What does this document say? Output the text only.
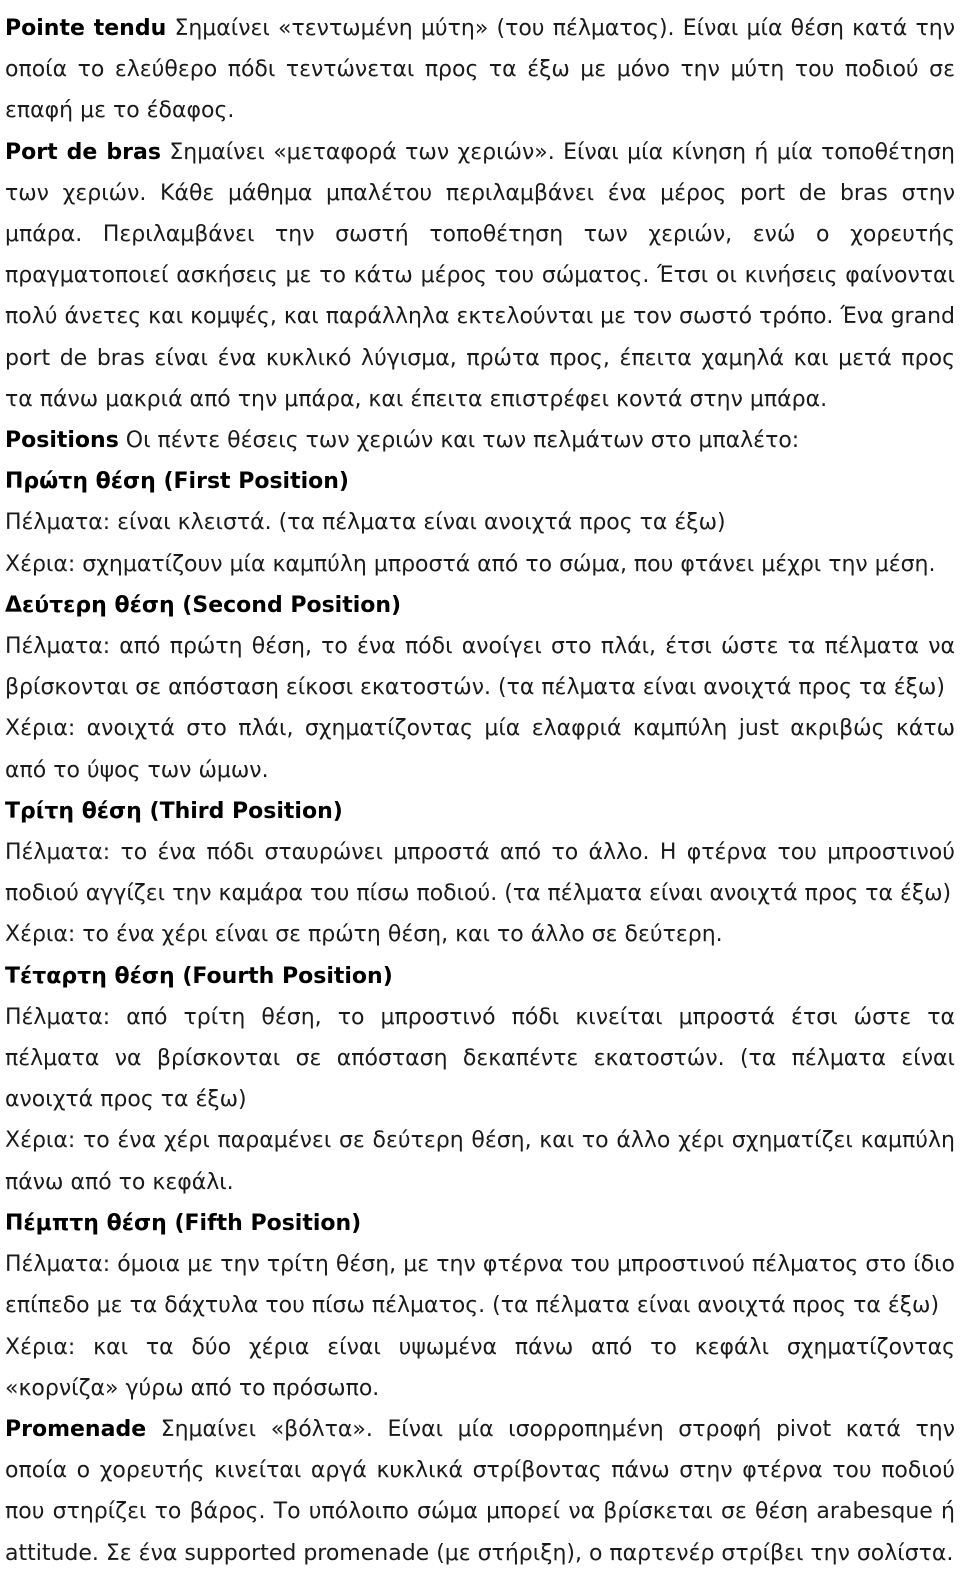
Pointe tendu Σημαίνει «τεντωμένη μύτη» (του πέλματος). Είναι μία θέση κατά την οποία το ελεύθερο πόδι τεντώνεται προς τα έξω με μόνο την μύτη του ποδιού σε επαφή με το έδαφος.

Port de bras Σημαίνει «μεταφορά των χεριών». Είναι μία κίνηση ή μία τοποθέτηση των χεριών. Κάθε μάθημα μπαλέτου περιλαμβάνει ένα μέρος port de bras στην μπάρα. Περιλαμβάνει την σωστή τοποθέτηση των χεριών, ενώ ο χορευτής πραγματοποιεί ασκήσεις με το κάτω μέρος του σώματος. Έτσι οι κινήσεις φαίνονται πολύ άνετες και κομψές, και παράλληλα εκτελούνται με τον σωστό τρόπο. Ένα grand port de bras είναι ένα κυκλικό λύγισμα, πρώτα προς, έπειτα χαμηλά και μετά προς τα πάνω μακριά από την μπάρα, και έπειτα επιστρέφει κοντά στην μπάρα.

Positions Οι πέντε θέσεις των χεριών και των πελμάτων στο μπαλέτο:

Πρώτη θέση (First Position)

Πέλματα: είναι κλειστά. (τα πέλματα είναι ανοιχτά προς τα έξω)

Χέρια: σχηματίζουν μία καμπύλη μπροστά από το σώμα, που φτάνει μέχρι την μέση.

Δεύτερη θέση (Second Position)

Πέλματα: από πρώτη θέση, το ένα πόδι ανοίγει στο πλάι, έτσι ώστε τα πέλματα να βρίσκονται σε απόσταση είκοσι εκατοστών. (τα πέλματα είναι ανοιχτά προς τα έξω)

Χέρια: ανοιχτά στο πλάι, σχηματίζοντας μία ελαφριά καμπύλη just ακριβώς κάτω από το ύψος των ώμων.

Τρίτη θέση (Third Position)

Πέλματα: το ένα πόδι σταυρώνει μπροστά από το άλλο. Η φτέρνα του μπροστινού ποδιού αγγίζει την καμάρα του πίσω ποδιού. (τα πέλματα είναι ανοιχτά προς τα έξω)

Χέρια: το ένα χέρι είναι σε πρώτη θέση, και το άλλο σε δεύτερη.

Τέταρτη θέση (Fourth Position)

Πέλματα: από τρίτη θέση, το μπροστινό πόδι κινείται μπροστά έτσι ώστε τα πέλματα να βρίσκονται σε απόσταση δεκαπέντε εκατοστών. (τα πέλματα είναι ανοιχτά προς τα έξω)

Χέρια: το ένα χέρι παραμένει σε δεύτερη θέση, και το άλλο χέρι σχηματίζει καμπύλη πάνω από το κεφάλι.

Πέμπτη θέση (Fifth Position)

Πέλματα: όμοια με την τρίτη θέση, με την φτέρνα του μπροστινού πέλματος στο ίδιο επίπεδο με τα δάχτυλα του πίσω πέλματος. (τα πέλματα είναι ανοιχτά προς τα έξω)

Χέρια: και τα δύο χέρια είναι υψωμένα πάνω από το κεφάλι σχηματίζοντας «κορνίζα» γύρω από το πρόσωπο.

Promenade Σημαίνει «βόλτα». Είναι μία ισορροπημένη στροφή pivot κατά την οποία ο χορευτής κινείται αργά κυκλικά στρίβοντας πάνω στην φτέρνα του ποδιού που στηρίζει το βάρος. Το υπόλοιπο σώμα μπορεί να βρίσκεται σε θέση arabesque ή attitude. Σε ένα supported promenade (με στήριξη), ο παρτενέρ στρίβει την σολίστα.
